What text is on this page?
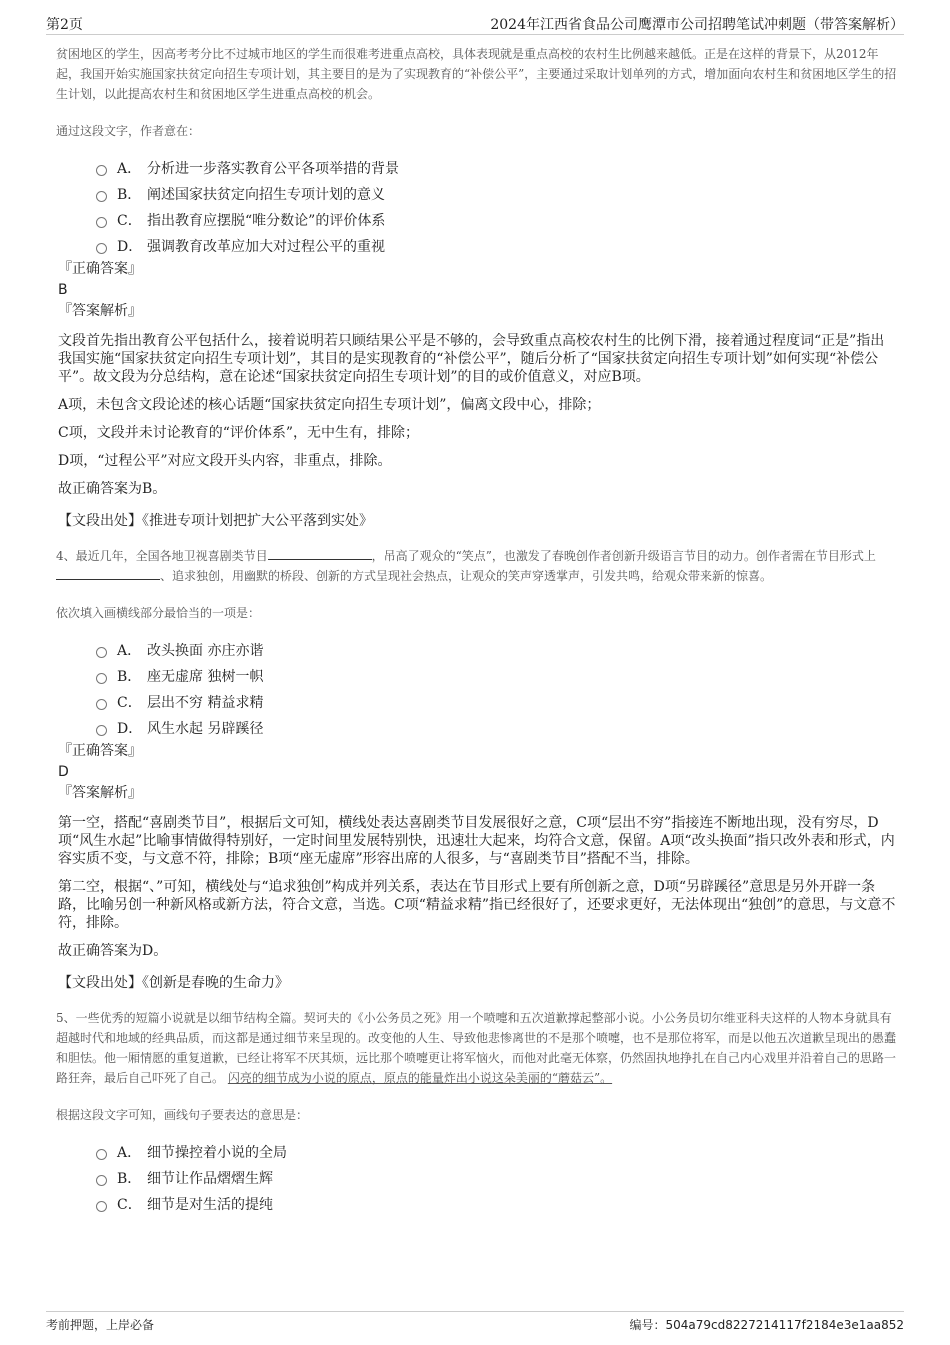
第2页	2024年江西省食品公司鹰潭市公司招聘笔试冲刺题（带答案解析）

贫困地区的学生，因高考考分比不过城市地区的学生而很难考进重点高校，具体表现就是重点高校的农村生比例越来越低。正是在这样的背景下，从2012年起，我国开始实施国家扶贫定向招生专项计划，其主要目的是为了实现教育的“补偿公平”，主要通过采取计划单列的方式，增加面向农村生和贫困地区学生的招生计划，以此提高农村生和贫困地区学生进重点高校的机会。

通过这段文字，作者意在：

A． 分析进一步落实教育公平各项举措的背景
B． 阐述国家扶贫定向招生专项计划的意义
C． 指出教育应摆脱“唯分数论”的评价体系
D． 强调教育改革应加大对过程公平的重视
『正确答案』
B
『答案解析』

文段首先指出教育公平包括什么，接着说明若只顾结果公平是不够的，会导致重点高校农村生的比例下滑，接着通过程度词“正是”指出我国实施“国家扶贫定向招生专项计划”，其目的是实现教育的“补偿公平”，随后分析了“国家扶贫定向招生专项计划”如何实现“补偿公平”。故文段为分总结构，意在论述“国家扶贫定向招生专项计划”的目的或价值意义，对应B项。

A项，未包含文段论述的核心话题“国家扶贫定向招生专项计划”，偏离文段中心，排除；

C项，文段并未讨论教育的“评价体系”，无中生有，排除；

D项，“过程公平”对应文段开头内容，非重点，排除。

故正确答案为B。

【文段出处】《推进专项计划把扩大公平落到实处》

4、最近几年，全国各地卫视喜剧类节目	，吊高了观众的“笑点”，也激发了春晚创作者创新升级语言节目的动力。创作者需在节目形式上、追求独创，用幽默的桥段、创新的方式呈现社会热点，让观众的笑声穿透掌声，引发共鸣，给观众带来新的惊喜。

依次填入画横线部分最恰当的一项是：

A． 改头换面 亦庄亦谐
B． 座无虚席 独树一帜
C． 层出不穷 精益求精
D． 风生水起 另辟蹊径
『正确答案』
D
『答案解析』

第一空，搭配“喜剧类节目”，根据后文可知，横线处表达喜剧类节目发展很好之意，C项“层出不穷”指接连不断地出现，没有穷尽，D项“风生水起”比喻事情做得特别好，一定时间里发展特别快，迅速壮大起来，均符合文意，保留。A项“改头换面”指只改外表和形式，内容实质不变，与文意不符，排除；B项“座无虚席”形容出席的人很多，与“喜剧类节目”搭配不当，排除。

第二空，根据“、”可知，横线处与“追求独创”构成并列关系，表达在节目形式上要有所创新之意，D项“另辟蹊径”意思是另外开辟一条路，比喻另创一种新风格或新方法，符合文意，当选。C项“精益求精”指已经很好了，还要求更好，无法体现出“独创”的意思，与文意不符，排除。

故正确答案为D。

【文段出处】《创新是春晚的生命力》

5、一些优秀的短篇小说就是以细节结构全篇。契诃夫的《小公务员之死》用一个喷嚏和五次道歉撑起整部小说。小公务员切尔维亚科夫这样的人物本身就具有超越时代和地域的经典品质，而这都是通过细节来呈现的。改变他的人生、导致他悲惨离世的不是那个喷嚏，也不是那位将军，而是以他五次道歉呈现出的愚蠢和胆怯。他一厢情愿的重复道歉，已经让将军不厌其烦，远比那个喷嚏更让将军恼火，而他对此毫无体察，仍然固执地挣扎在自己内心戏里并沿着自己的思路一路狂奔，最后自己吓死了自己。 闪亮的细节成为小说的原点，原点的能量炸出小说这朵美丽的“蘑菇云”。

根据这段文字可知，画线句子要表达的意思是：

A． 细节操控着小说的全局
B． 细节让作品熠熠生辉
C． 细节是对生活的提纯
考前押题，上岸必备	编号：504a79cd8227214117f2184e3e1aa852
